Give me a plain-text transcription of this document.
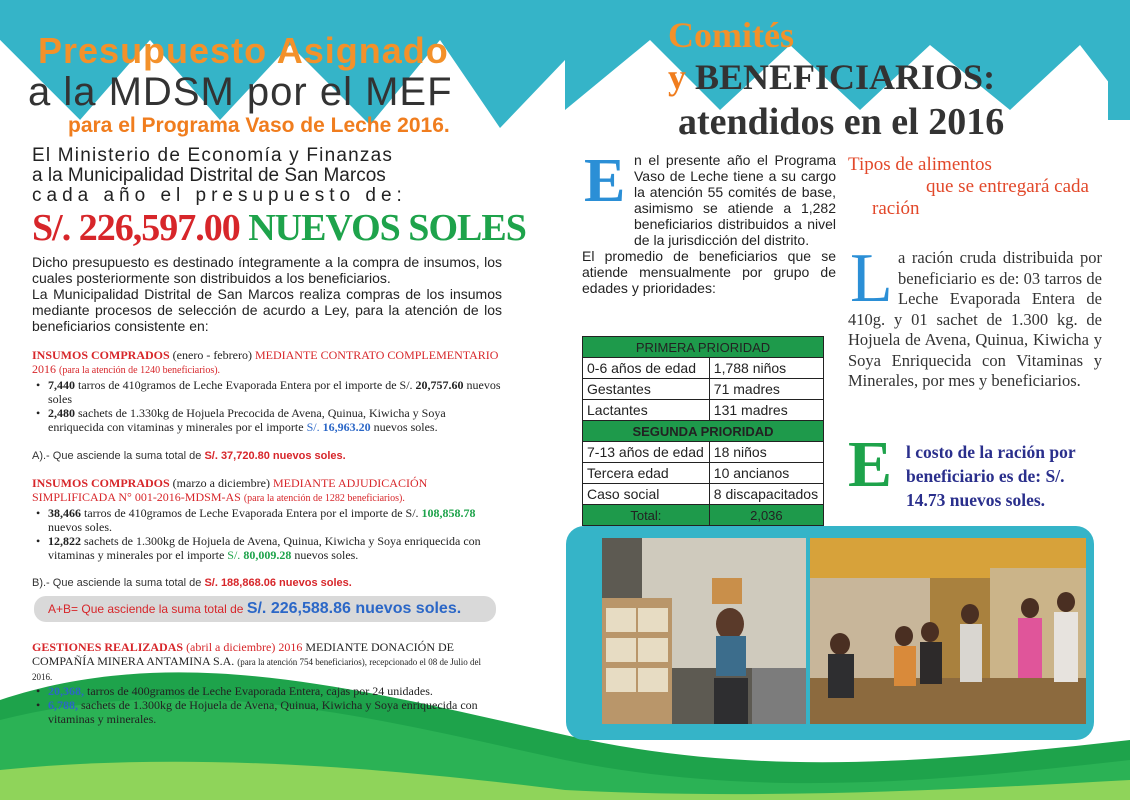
Presupuesto Asignado
a la MDSM por el MEF
para el Programa Vaso de Leche 2016.
El Ministerio de Economía y Finanzas
a la Municipalidad Distrital de San Marcos
cada año el presupuesto de:
S/. 226,597.00 NUEVOS SOLES
Dicho presupuesto es destinado íntegramente a la compra de insumos, los cuales posteriormente son distribuidos a los beneficiarios.
La Municipalidad Distrital de San Marcos realiza compras de los insumos mediante procesos de selección de acurdo a Ley, para la atención de los beneficiarios consistente en:
INSUMOS COMPRADOS (enero - febrero) MEDIANTE CONTRATO COMPLEMENTARIO
2016 (para la atención de 1240 beneficiarios).
• 7,440 tarros de 410gramos de Leche Evaporada Entera por el importe de S/. 20,757.60 nuevos soles
• 2,480 sachets de 1.330kg de Hojuela Precocida de Avena, Quinua, Kiwicha y Soya enriquecida con vitaminas y minerales por el importe S/. 16,963.20 nuevos soles.
A).- Que asciende la suma total de S/. 37,720.80 nuevos soles.
INSUMOS COMPRADOS (marzo a diciembre) MEDIANTE ADJUDICACIÓN SIMPLIFICADA N° 001-2016-MDSM-AS (para la atención de 1282 beneficiarios).
• 38,466 tarros de 410gramos de Leche Evaporada Entera por el importe de S/. 108,858.78 nuevos soles.
• 12,822 sachets de 1.300kg de Hojuela de Avena, Quinua, Kiwicha y Soya enriquecida con vitaminas y minerales por el importe S/. 80,009.28 nuevos soles.
B).- Que asciende la suma total de S/. 188,868.06 nuevos soles.
A+B= Que asciende la suma total de S/. 226,588.86 nuevos soles.
GESTIONES REALIZADAS (abril a diciembre) 2016 MEDIANTE DONACIÓN DE COMPAÑÍA MINERA ANTAMINA S.A. (para la atención 754 beneficiarios), recepcionado el 08 de Julio del 2016.
• 20,368, tarros de 400gramos de Leche Evaporada Entera, cajas por 24 unidades.
• 6,788, sachets de 1.300kg de Hojuela de Avena, Quinua, Kiwicha y Soya enriquecida con vitaminas y minerales.
Comités
y BENEFICIARIOS:
atendidos en el 2016
E n el presente año el Programa Vaso de Leche tiene a su cargo la atención 55 comités de base, asimismo se atiende a 1,282 beneficiarios distribuidos a nivel de la jurisdicción del distrito.
El promedio de beneficiarios que se atiende mensualmente por grupo de edades y prioridades:
PRIMERA PRIORIDAD	
0-6 años de edad	1,788 niños
Gestantes	71 madres
Lactantes	131 madres
SEGUNDA PRIORIDAD	
7-13 años de edad	18 niños
Tercera edad	10 ancianos
Caso social	8 discapacitados
Total:	2,036
Tipos de alimentos
que se entregará cada
ración
L a ración cruda distribuida por beneficiario es de: 03 tarros de Leche Evaporada Entera de 410g. y 01 sachet de 1.300 kg. de Hojuela de Avena, Quinua, Kiwicha y Soya Enriquecida con Vitaminas y Minerales, por mes y beneficiarios.
E l costo de la ración por beneficiario es de: S/. 14.73 nuevos soles.
